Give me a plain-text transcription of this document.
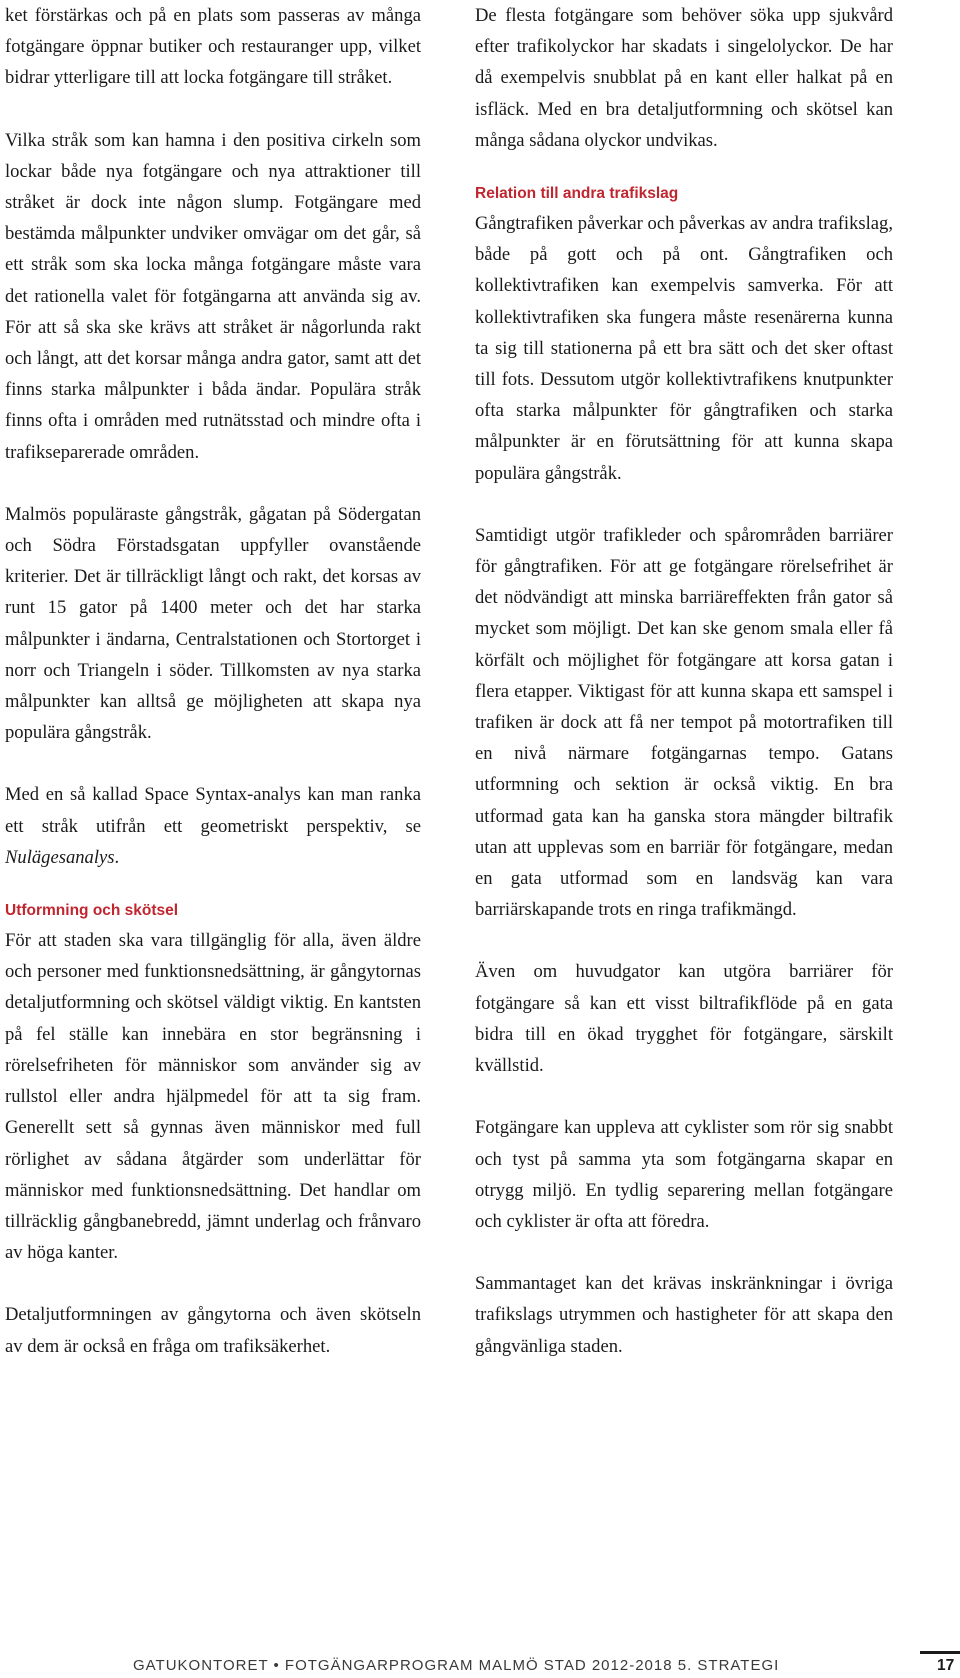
ket förstärkas och på en plats som passeras av många fotgängare öppnar butiker och restauranger upp, vilket bidrar ytterligare till att locka fotgängare till stråket.

Vilka stråk som kan hamna i den positiva cirkeln som lockar både nya fotgängare och nya attraktioner till stråket är dock inte någon slump. Fotgängare med bestämda målpunkter undviker omvägar om det går, så ett stråk som ska locka många fotgängare måste vara det rationella valet för fotgängarna att använda sig av. För att så ska ske krävs att stråket är någorlunda rakt och långt, att det korsar många andra gator, samt att det finns starka målpunkter i båda ändar. Populära stråk finns ofta i områden med rutnätsstad och mindre ofta i trafikseparerade områden.

Malmös populäraste gångstråk, gågatan på Södergatan och Södra Förstadsgatan uppfyller ovanstående kriterier. Det är tillräckligt långt och rakt, det korsas av runt 15 gator på 1400 meter och det har starka målpunkter i ändarna, Centralstationen och Stortorget i norr och Triangeln i söder. Tillkomsten av nya starka målpunkter kan alltså ge möjligheten att skapa nya populära gångstråk.

Med en så kallad Space Syntax-analys kan man ranka ett stråk utifrån ett geometriskt perspektiv, se Nulägesanalys.

Utformning och skötsel

För att staden ska vara tillgänglig för alla, även äldre och personer med funktionsnedsättning, är gångytornas detaljutformning och skötsel väldigt viktig. En kantsten på fel ställe kan innebära en stor begränsning i rörelsefriheten för människor som använder sig av rullstol eller andra hjälpmedel för att ta sig fram. Generellt sett så gynnas även människor med full rörlighet av sådana åtgärder som underlättar för människor med funktionsnedsättning. Det handlar om tillräcklig gångbanebredd, jämnt underlag och frånvaro av höga kanter.

Detaljutformningen av gångytorna och även skötseln av dem är också en fråga om trafiksäkerhet.

De flesta fotgängare som behöver söka upp sjukvård efter trafikolyckor har skadats i singelolyckor. De har då exempelvis snubblat på en kant eller halkat på en isfläck. Med en bra detaljutformning och skötsel kan många sådana olyckor undvikas.

Relation till andra trafikslag

Gångtrafiken påverkar och påverkas av andra trafikslag, både på gott och på ont. Gångtrafiken och kollektivtrafiken kan exempelvis samverka. För att kollektivtrafiken ska fungera måste resenärerna kunna ta sig till stationerna på ett bra sätt och det sker oftast till fots. Dessutom utgör kollektivtrafikens knutpunkter ofta starka målpunkter för gångtrafiken och starka målpunkter är en förutsättning för att kunna skapa populära gångstråk.

Samtidigt utgör trafikleder och spårområden barriärer för gångtrafiken. För att ge fotgängare rörelsefrihet är det nödvändigt att minska barriäreffekten från gator så mycket som möjligt. Det kan ske genom smala eller få körfält och möjlighet för fotgängare att korsa gatan i flera etapper. Viktigast för att kunna skapa ett samspel i trafiken är dock att få ner tempot på motortrafiken till en nivå närmare fotgängarnas tempo. Gatans utformning och sektion är också viktig. En bra utformad gata kan ha ganska stora mängder biltrafik utan att upplevas som en barriär för fotgängare, medan en gata utformad som en landsväg kan vara barriärskapande trots en ringa trafikmängd.

Även om huvudgator kan utgöra barriärer för fotgängare så kan ett visst biltrafikflöde på en gata bidra till en ökad trygghet för fotgängare, särskilt kvällstid.

Fotgängare kan uppleva att cyklister som rör sig snabbt och tyst på samma yta som fotgängarna skapar en otrygg miljö. En tydlig separering mellan fotgängare och cyklister är ofta att föredra.

Sammantaget kan det krävas inskränkningar i övriga trafikslags utrymmen och hastigheter för att skapa den gångvänliga staden.

GATUKONTORET • FOTGÄNGARPROGRAM MALMÖ STAD 2012-2018 5. STRATEGI	17
